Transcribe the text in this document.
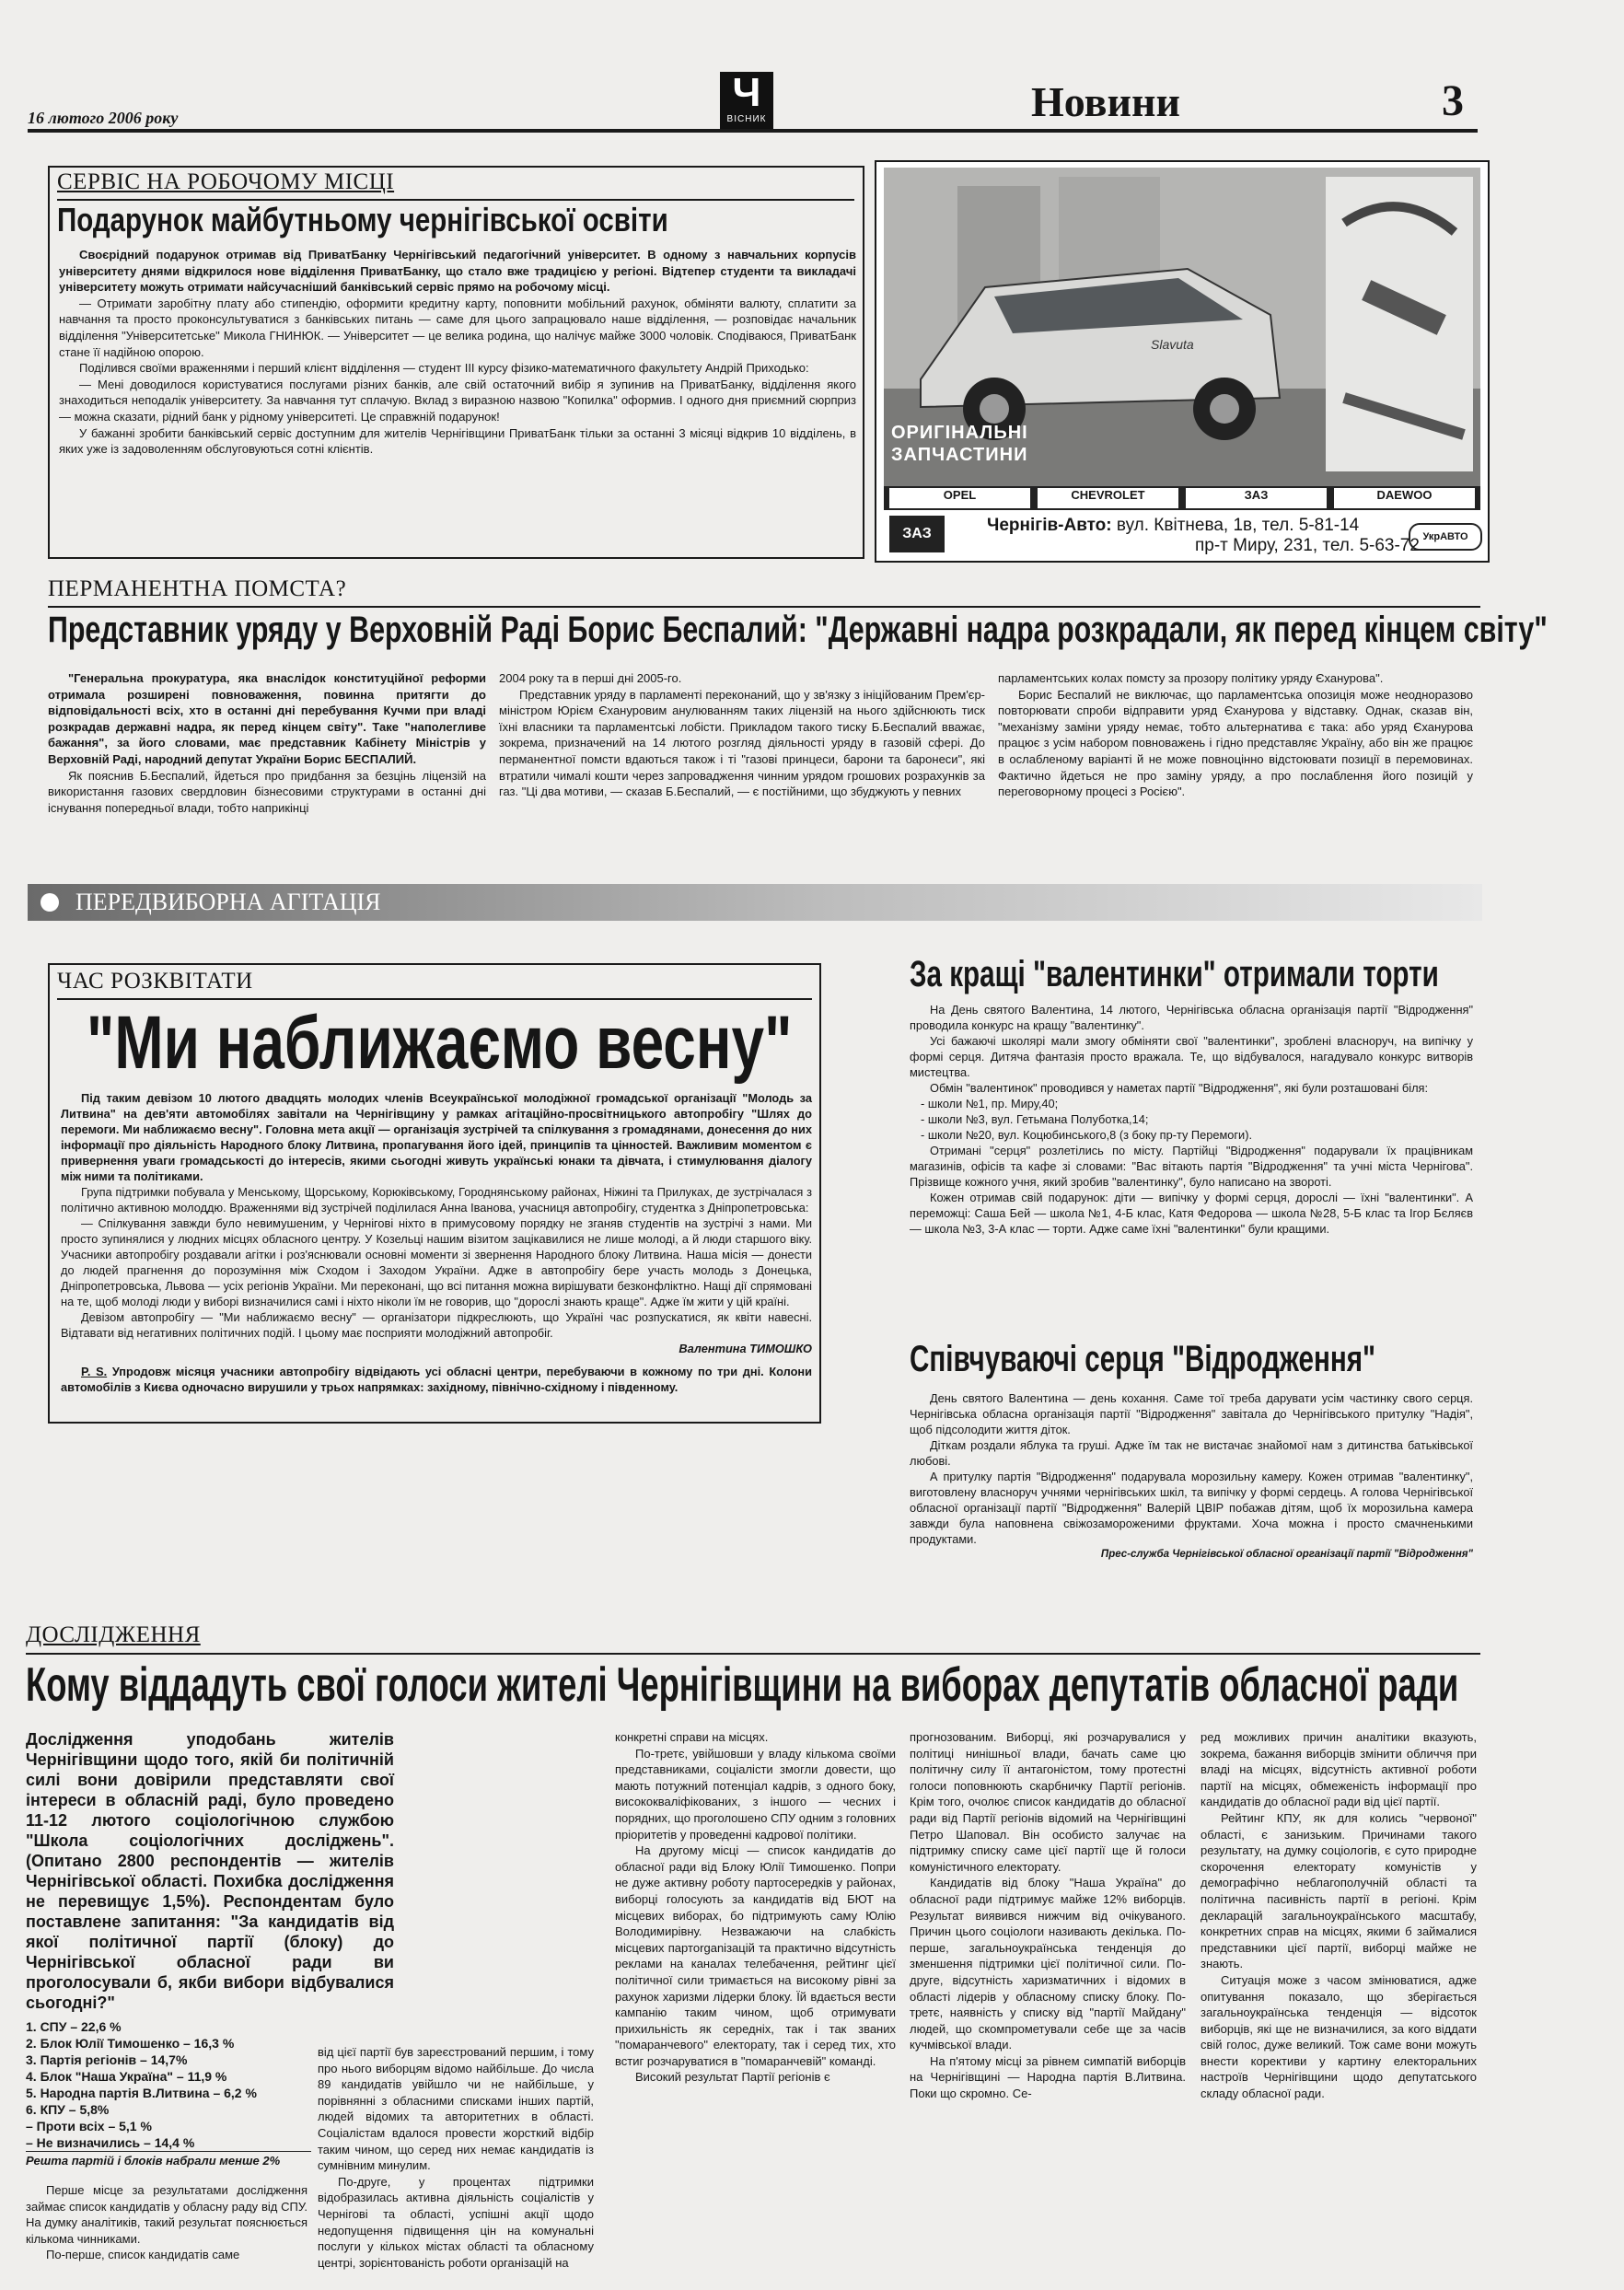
16 лютого 2006 року
Ч
ВІСНИК	Новини	3
СЕРВІС НА РОБОЧОМУ МІСЦІ
Подарунок майбутньому чернігівської освіти

Своєрідний подарунок отримав від ПриватБанку Чернігівський педагогічний університет. В одному з навчальних корпусів університету днями відкрилося нове відділення ПриватБанку, що стало вже традицією у регіоні. Відтепер студенти та викладачі університету можуть отримати найсучасніший банківський сервіс прямо на робочому місці.

— Отримати заробітну плату або стипендію, оформити кредитну карту, поповнити мобільний рахунок, обміняти валюту, сплатити за навчання та просто проконсультуватися з банківських питань — саме для цього запрацювало наше відділення, — розповідає начальник відділення "Університетське" Микола ГНИНЮК. — Університет — це велика родина, що налічує майже 3000 чоловік. Сподіваюся, ПриватБанк стане її надійною опорою.

Поділився своїми враженнями і перший клієнт відділення — студент ІІІ курсу фізико-математичного факультету Андрій Приходько:

— Мені доводилося користуватися послугами різних банків, але свій остаточний вибір я зупинив на ПриватБанку, відділення якого знаходиться неподалік університету. За навчання тут сплачую. Вклад з виразною назвою "Копилка" оформив. І одного дня приємний сюрприз — можна сказати, рідний банк у рідному університеті. Це справжній подарунок!

У бажанні зробити банківський сервіс доступним для жителів Чернігівщини ПриватБанк тільки за останні 3 місяці відкрив 10 відділень, в яких уже із задоволенням обслуговуються сотні клієнтів.

Slavuta
ОРИГІНАЛЬНІ
ЗАПЧАСТИНИ
OPEL	CHEVROLET	ЗАЗ	DAEWOO
ЗАЗ	Чернігів-Авто: вул. Квітнева, 1в, тел. 5-81-14
пр-т Миру, 231, тел. 5-63-72 УкрАВТО
ПЕРМАНЕНТНА ПОМСТА?
Представник уряду у Верховній Раді Борис Беспалий: "Державні надра розкрадали, як перед кінцем світу"

"Генеральна прокуратура, яка внаслідок конституційної реформи отримала розширені повноваження, повинна притягти до відповідальності всіх, хто в останні дні перебування Кучми при владі розкрадав державні надра, як перед кінцем світу". Таке "наполегливе бажання", за його словами, має представник Кабінету Міністрів у Верховній Раді, народний депутат України Борис БЕСПАЛИЙ.

Як пояснив Б.Беспалий, йдеться про придбання за безцінь ліцензій на використання газових свердловин бізнесовими структурами в останні дні існування попередньої влади, тобто наприкінці

2004 року та в перші дні 2005-го.

Представник уряду в парламенті переконаний, що у зв'язку з ініційованим Прем'єр-міністром Юрієм Єхануровим анулюванням таких ліцензій на нього здійснюють тиск їхні власники та парламентські лобісти. Прикладом такого тиску Б.Беспалий вважає, зокрема, призначений на 14 лютого розгляд діяльності уряду в газовій сфері. До перманентної помсти вдаються також і ті "газові принцеси, барони та баронеси", які втратили чималі кошти через запровадження чинним урядом грошових розрахунків за газ. "Ці два мотиви, — сказав Б.Беспалий, — є постійними, що збуджують у певних

парламентських колах помсту за прозору політику уряду Єханурова".

Борис Беспалий не виключає, що парламентська опозиція може неодноразово повторювати спроби відправити уряд Єханурова у відставку. Однак, сказав він, "механізму заміни уряду немає, тобто альтернатива є така: або уряд Єханурова працює з усім набором повноважень і гідно представляє Україну, або він же працює в ослабленому варіанті й не може повноцінно відстоювати позиції в перемовинах. Фактично йдеться не про заміну уряду, а про послаблення його позицій у переговорному процесі з Росією".

ПЕРЕДВИБОРНА АГІТАЦІЯ
ЧАС РОЗКВІТАТИ
"Ми наближаємо весну"

Під таким девізом 10 лютого двадцять молодих членів Всеукраїнської молодіжної громадської організації "Молодь за Литвина" на дев'яти автомобілях завітали на Чернігівщину у рамках агітаційно-просвітницького автопробігу "Шлях до перемоги. Ми наближаємо весну". Головна мета акції — організація зустрічей та спілкування з громадянами, донесення до них інформації про діяльність Народного блоку Литвина, пропагування його ідей, принципів та цінностей. Важливим моментом є привернення уваги громадськості до інтересів, якими сьогодні живуть українські юнаки та дівчата, і стимулювання діалогу між ними та політиками.

Група підтримки побувала у Менському, Щорському, Корюківському, Городнянському районах, Ніжині та Прилуках, де зустрічалася з політично активною молоддю. Враженнями від зустрічей поділилася Анна Іванова, учасниця автопробігу, студентка з Дніпропетровська:

— Спілкування завжди було невимушеним, у Чернігові ніхто в примусовому порядку не зганяв студентів на зустрічі з нами. Ми просто зупинялися у людних місцях обласного центру. У Козельці нашим візитом зацікавилися не лише молоді, а й люди старшого віку. Учасники автопробігу роздавали агітки і роз'яснювали основні моменти зі звернення Народного блоку Литвина. Наша місія — донести до людей прагнення до порозуміння між Сходом і Заходом України. Адже в автопробігу бере участь молодь з Донецька, Дніпропетровська, Львова — усіх регіонів України. Ми переконані, що всі питання можна вирішувати безконфліктно. Нащі дії спрямовані на те, щоб молоді люди у виборі визначилися самі і ніхто ніколи їм не говорив, що "дорослі знають краще". Адже їм жити у цій країні.

Девізом автопробігу — "Ми наближаємо весну" — організатори підкреслюють, що Україні час розпускатися, як квіти навесні. Відтавати від негативних політичних подій. І цьому має посприяти молодіжний автопробіг.

Валентина ТИМОШКО

P. S. Упродовж місяця учасники автопробігу відвідають усі обласні центри, перебуваючи в кожному по три дні. Колони автомобілів з Києва одночасно вирушили у трьох напрямках: західному, північно-східному і південному.

За кращі "валентинки" отримали торти

На День святого Валентина, 14 лютого, Чернігівська обласна організація партії "Відродження" проводила конкурс на кращу "валентинку".

Усі бажаючі школярі мали змогу обміняти свої "валентинки", зроблені власноруч, на випічку у формі серця. Дитяча фантазія просто вражала. Те, що відбувалося, нагадувало конкурс витворів мистецтва.

Обмін "валентинок" проводився у наметах партії "Відродження", які були розташовані біля:

- школи №1, пр. Миру,40;
- школи №3, вул. Гетьмана Полуботка,14;
- школи №20, вул. Коцюбинського,8 (з боку пр-ту Перемоги).

Отримані "серця" розлетілись по місту. Партійці "Відродження" подарували їх працівникам магазинів, офісів та кафе зі словами: "Вас вітають партія "Відродження" та учні міста Чернігова". Прізвище кожного учня, який зробив "валентинку", було написано на звороті.

Кожен отримав свій подарунок: діти — випічку у формі серця, дорослі — їхні "валентинки". А переможці: Саша Бей — школа №1, 4-Б клас, Катя Федорова — школа №28, 5-Б клас та Ігор Бєляєв — школа №3, 3-А клас — торти. Адже саме їхні "валентинки" були кращими.

Співчуваючі серця "Відродження"

День святого Валентина — день кохання. Саме тої треба дарувати усім частинку свого серця. Чернігівська обласна організація партії "Відродження" завітала до Чернігівського притулку "Надія", щоб підсолодити життя діток.

Діткам роздали яблука та груші. Адже їм так не вистачає знайомої нам з дитинства батьківської любові.

А притулку партія "Відродження" подарувала морозильну камеру. Кожен отримав "валентинку", виготовлену власноруч учнями чернігівських шкіл, та випічку у формі сердець. А голова Чернігівської обласної організації партії "Відродження" Валерій ЦВІР побажав дітям, щоб їх морозильна камера завжди була наповнена свіжозамороженими фруктами. Хоча можна і просто смачненькими продуктами.

Прес-служба Чернігівської обласної організації партії "Відродження"

ДОСЛІДЖЕННЯ
Кому віддадуть свої голоси жителі Чернігівщини на виборах депутатів обласної ради

Дослідження уподобань жителів Чернігівщини щодо того, якій би політичній силі вони довірили представляти свої інтереси в обласній раді, було проведено 11-12 лютого соціологічною службою "Школа соціологічних досліджень". (Опитано 2800 респондентів — жителів Чернігівської області. Похибка дослідження не перевищує 1,5%). Респондентам було поставлене запитання: "За кандидатів від якої політичної партії (блоку) до Чернігівської обласної ради ви проголосували б, якби вибори відбувалися сьогодні?"

1. СПУ – 22,6 %
2. Блок Юлії Тимошенко – 16,3 %
3. Партія регіонів – 14,7%
4. Блок "Наша Україна" – 11,9 %
5. Народна партія В.Литвина – 6,2 %
6. КПУ – 5,8%
– Проти всіх – 5,1 %
– Не визначились – 14,4 %
Решта партій і блоків набрали менше 2%

Перше місце за результатами дослідження займає список кандидатів у обласну раду від СПУ. На думку аналітиків, такий результат пояснюється кількома чинниками.

По-перше, список кандидатів саме

від цієї партії був зареєстрований першим, і тому про нього виборцям відомо найбільше. До числа 89 кандидатів увійшло чи не найбільше, у порівнянні з обласними списками інших партій, людей відомих та авторитетних в області. Соціалістам вдалося провести жорсткий відбір таким чином, що серед них немає кандидатів із сумнівним минулим.

По-друге, у процентах підтримки відобразилась активна діяльність соціалістів у Чернігові та області, успішні акції щодо недопущення підвищення цін на комунальні послуги у кількох містах області та обласному центрі, зорієнтованість роботи організацій на

конкретні справи на місцях.

По-третє, увійшовши у владу кількома своїми представниками, соціалісти змогли довести, що мають потужний потенціал кадрів, з одного боку, висококваліфікованих, з іншого — чесних і порядних, що проголошено СПУ одним з головних пріоритетів у проведенні кадрової політики.

На другому місці — список кандидатів до обласної ради від Блоку Юлії Тимошенко. Попри не дуже активну роботу партосередків у районах, виборці голосують за кандидатів від БЮТ на місцевих виборах, бо підтримують саму Юлію Володимирівну. Незважаючи на слабкість місцевих партorganізацій та практично відсутність реклами на каналах телебачення, рейтинг цієї політичної сили тримається на високому рівні за рахунок харизми лідерки блоку. Їй вдається вести кампанію таким чином, щоб отримувати прихильність як середніх, так і так званих "помаранчевого" електорату, так і серед тих, хто встиг розчаруватися в "помаранчевій" команді.

Високий результат Партії регіонів є

прогнозованим. Виборці, які розчарувалися у політиці нинішньої влади, бачать саме цю політичну силу її антагоністом, тому протестні голоси поповнюють скарбничку Партії регіонів. Крім того, очолює список кандидатів до обласної ради від Партії регіонів відомий на Чернігівщині Петро Шаповал. Він особисто залучає на підтримку списку саме цієї партії ще й голоси комуністичного електорату.

Кандидатів від блоку "Наша Україна" до обласної ради підтримує майже 12% виборців. Результат виявився нижчим від очікуваного. Причин цього соціологи називають декілька. По-перше, загальноукраїнська тенденція до зменшення підтримки цієї політичної сили. По-друге, відсутність харизматичних і відомих в області лідерів у обласному списку блоку. По-третє, наявність у списку від "партії Майдану" людей, що скомпрометували себе ще за часів кучмівської влади.

На п'ятому місці за рівнем симпатій виборців на Чернігівщині — Народна партія В.Литвина. Поки що скромно. Се-

ред можливих причин аналітики вказують, зокрема, бажання виборців змінити обличчя при владі на місцях, відсутність активної роботи партії на місцях, обмеженість інформації про кандидатів до обласної ради від цієї партії.

Рейтинг КПУ, як для колись "червоної" області, є занизьким. Причинами такого результату, на думку соціологів, є суто природне скорочення електорату комуністів у демографічно неблагополучній області та політична пасивність партії в регіоні. Крім декларацій загальноукраїнського масштабу, конкретних справ на місцях, якими б займалися представники цієї партії, виборці майже не знають.

Ситуація може з часом змінюватися, адже опитування показало, що зберігається загальноукраїнська тенденція — відсоток виборців, які ще не визначилися, за кого віддати свій голос, дуже великий. Тож саме вони можуть внести корективи у картину електоральних настроїв Чернігівщини щодо депутатського складу обласної ради.
